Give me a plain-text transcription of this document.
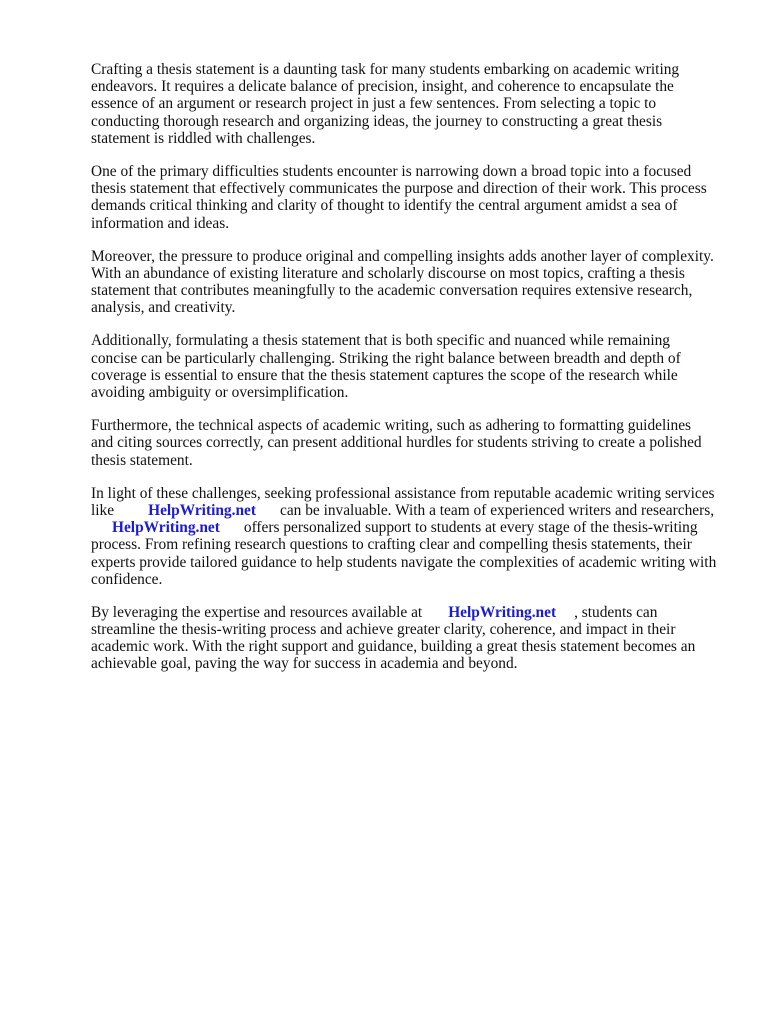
Crafting a thesis statement is a daunting task for many students embarking on academic writing
endeavors. It requires a delicate balance of precision, insight, and coherence to encapsulate the
essence of an argument or research project in just a few sentences. From selecting a topic to
conducting thorough research and organizing ideas, the journey to constructing a great thesis
statement is riddled with challenges.

One of the primary difficulties students encounter is narrowing down a broad topic into a focused
thesis statement that effectively communicates the purpose and direction of their work. This process
demands critical thinking and clarity of thought to identify the central argument amidst a sea of
information and ideas.

Moreover, the pressure to produce original and compelling insights adds another layer of complexity.
With an abundance of existing literature and scholarly discourse on most topics, crafting a thesis
statement that contributes meaningfully to the academic conversation requires extensive research,
analysis, and creativity.

Additionally, formulating a thesis statement that is both specific and nuanced while remaining
concise can be particularly challenging. Striking the right balance between breadth and depth of
coverage is essential to ensure that the thesis statement captures the scope of the research while
avoiding ambiguity or oversimplification.

Furthermore, the technical aspects of academic writing, such as adhering to formatting guidelines
and citing sources correctly, can present additional hurdles for students striving to create a polished
thesis statement.

In light of these challenges, seeking professional assistance from reputable academic writing services
like HelpWriting.net can be invaluable. With a team of experienced writers and researchers,
HelpWriting.net offers personalized support to students at every stage of the thesis-writing
process. From refining research questions to crafting clear and compelling thesis statements, their
experts provide tailored guidance to help students navigate the complexities of academic writing with
confidence.

By leveraging the expertise and resources available at HelpWriting.net , students can
streamline the thesis-writing process and achieve greater clarity, coherence, and impact in their
academic work. With the right support and guidance, building a great thesis statement becomes an
achievable goal, paving the way for success in academia and beyond.
